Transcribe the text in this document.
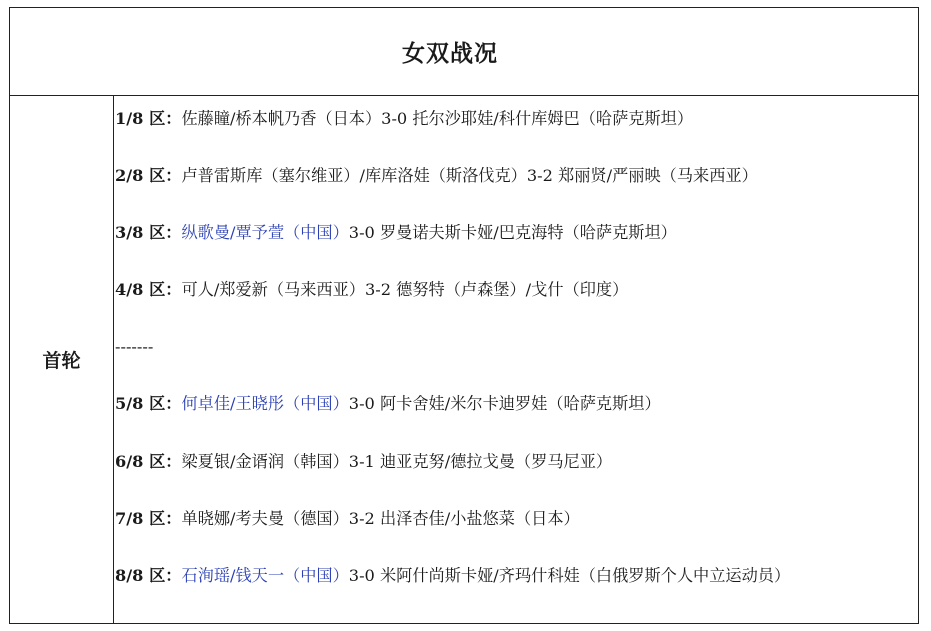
女双战况
首轮
1/8 区：佐藤瞳/桥本帆乃香（日本）3-0 托尔沙耶娃/科什库姆巴（哈萨克斯坦）
2/8 区：卢普雷斯库（塞尔维亚）/库库洛娃（斯洛伐克）3-2 郑丽贤/严丽映（马来西亚）
3/8 区：纵歌曼/覃予萱（中国）3-0 罗曼诺夫斯卡娅/巴克海特（哈萨克斯坦）
4/8 区：可人/郑爱新（马来西亚）3-2 德努特（卢森堡）/戈什（印度）
-------
5/8 区：何卓佳/王晓彤（中国）3-0 阿卡舍娃/米尔卡迪罗娃（哈萨克斯坦）
6/8 区：梁夏银/金谞润（韩国）3-1 迪亚克努/德拉戈曼（罗马尼亚）
7/8 区：单晓娜/考夫曼（德国）3-2 出泽杏佳/小盐悠菜（日本）
8/8 区：石洵瑶/钱天一（中国）3-0 米阿什尚斯卡娅/齐玛什科娃（白俄罗斯个人中立运动员）
